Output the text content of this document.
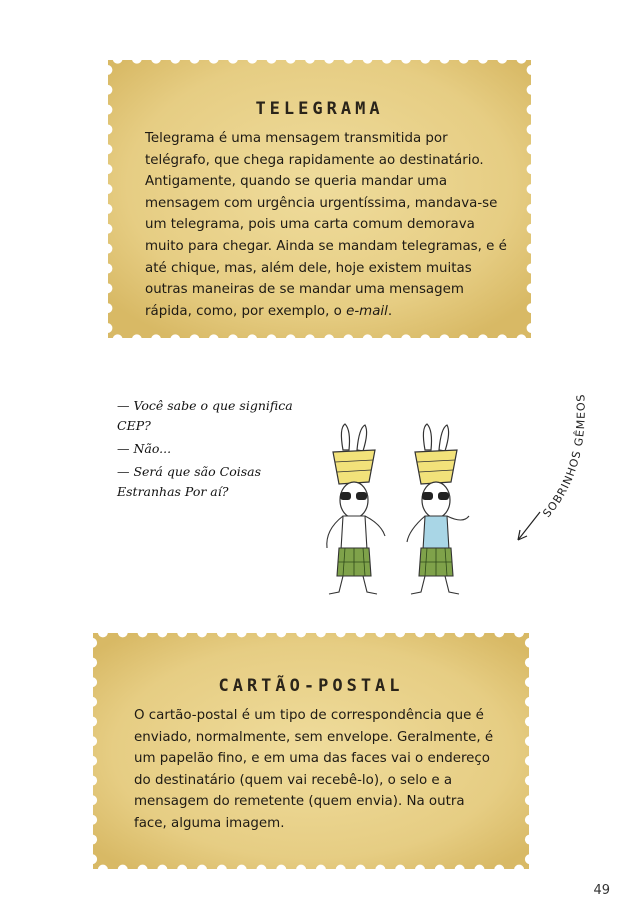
TELEGRAMA

Telegrama é uma mensagem transmitida por telégrafo, que chega rapidamente ao destinatário. Antigamente, quando se queria mandar uma mensagem com urgência urgentíssima, mandava-se um telegrama, pois uma carta comum demorava muito para chegar. Ainda se mandam telegramas, e é até chique, mas, além dele, hoje existem muitas outras maneiras de se mandar uma mensagem rápida, como, por exemplo, o e-mail.

— Você sabe o que significa CEP?

— Não...

— Será que são Coisas Estranhas Por aí?

SOBRINHOS GÊMEOS
CARTÃO-POSTAL

O cartão-postal é um tipo de correspondência que é enviado, normalmente, sem envelope. Geralmente, é um papelão fino, e em uma das faces vai o endereço do destinatário (quem vai recebê-lo), o selo e a mensagem do remetente (quem envia). Na outra face, alguma imagem.

49
